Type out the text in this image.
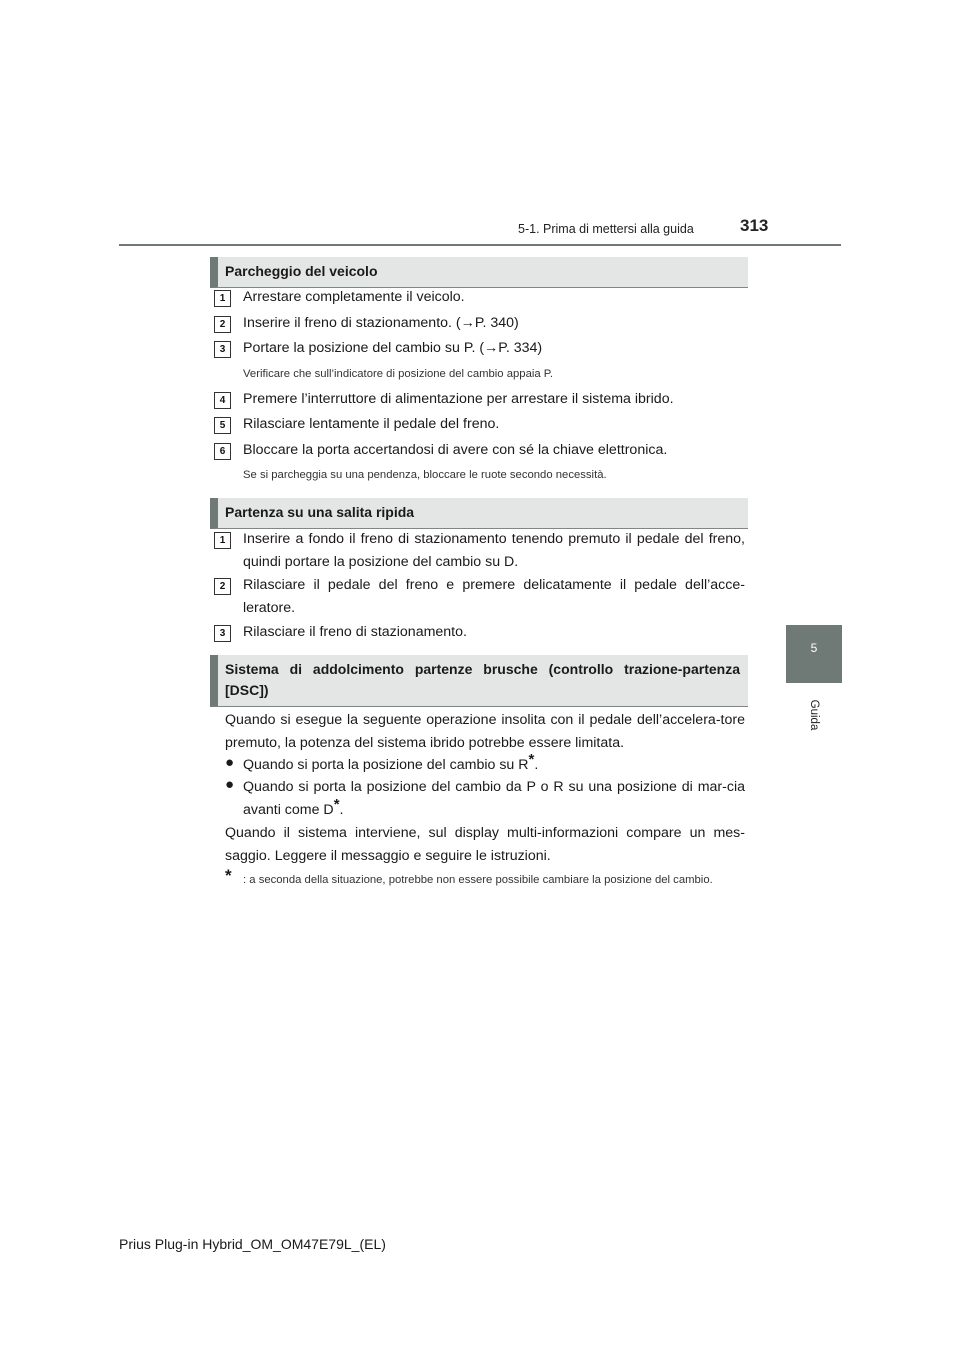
5-1. Prima di mettersi alla guida	313
5
Guida
Parcheggio del veicolo
1	Arrestare completamente il veicolo.
2	Inserire il freno di stazionamento. (→P. 340)
3	Portare la posizione del cambio su P. (→P. 334)
Verificare che sull’indicatore di posizione del cambio appaia P.
4	Premere l’interruttore di alimentazione per arrestare il sistema ibrido.
5	Rilasciare lentamente il pedale del freno.
6	Bloccare la porta accertandosi di avere con sé la chiave elettronica.
Se si parcheggia su una pendenza, bloccare le ruote secondo necessità.
Partenza su una salita ripida
1	Inserire a fondo il freno di stazionamento tenendo premuto il pedale del freno, quindi portare la posizione del cambio su D.
2	Rilasciare il pedale del freno e premere delicatamente il pedale dell’acce-leratore.
3	Rilasciare il freno di stazionamento.
Sistema di addolcimento partenze brusche (controllo trazione-partenza [DSC])
Quando si esegue la seguente operazione insolita con il pedale dell’accelera-tore premuto, la potenza del sistema ibrido potrebbe essere limitata.
● Quando si porta la posizione del cambio su R*.
● Quando si porta la posizione del cambio da P o R su una posizione di mar-cia avanti come D*.
Quando il sistema interviene, sul display multi-informazioni compare un mes-saggio. Leggere il messaggio e seguire le istruzioni.
* : a seconda della situazione, potrebbe non essere possibile cambiare la posizione del cambio.
Prius Plug-in Hybrid_OM_OM47E79L_(EL)
